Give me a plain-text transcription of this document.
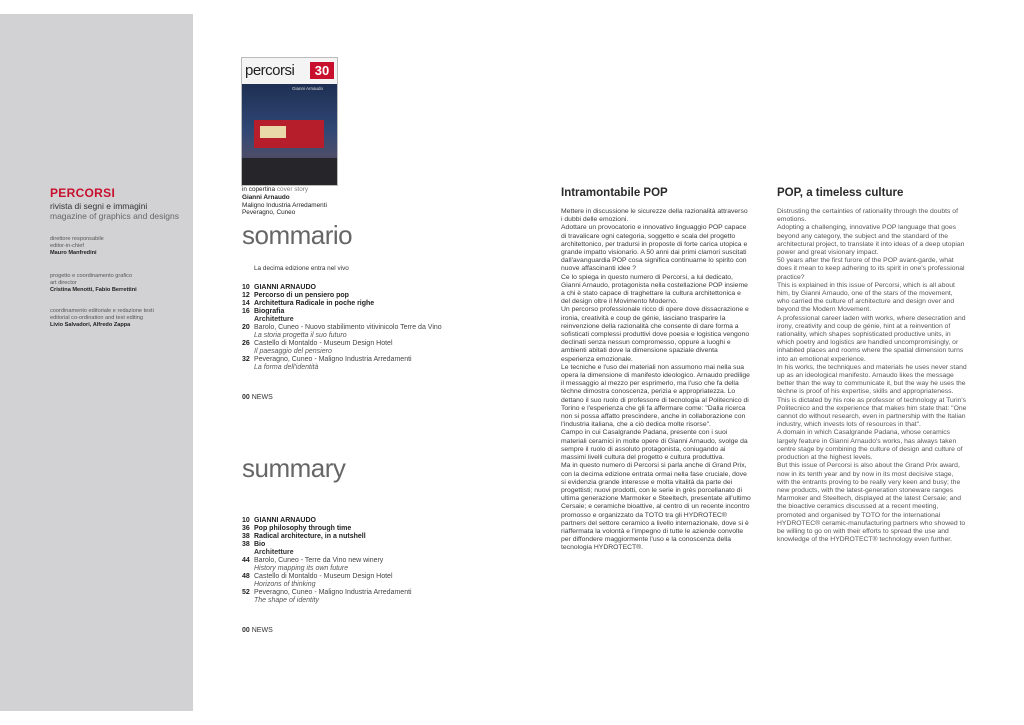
PERCORSI
rivista di segni e immagini
magazine of graphics and designs
direttore responsabile
editor-in-chief
Mauro Manfredini
progetto e coordinamento grafico
art director
Cristina Menotti, Fabio Berrettini
coordinamento editoriale e redazione testi
editorial co-ordination and text editing
Livio Salvadori, Alfredo Zappa
percorsi	30
Gianni Arnaudo
in copertina cover story
Gianni Arnaudo
Maligno Industria Arredamenti
Peveragno, Cuneo
sommario
La decima edizione entra nel vivo
10 GIANNI ARNAUDO
12 Percorso di un pensiero pop
14 Architettura Radicale in poche righe
16 Biografia
Architetture
20 Barolo, Cuneo - Nuovo stabilimento vitivinicolo Terre da Vino
La storia progetta il suo futuro
26 Castello di Montaldo - Museum Design Hotel
Il paesaggio del pensiero
32 Peveragno, Cuneo - Maligno Industria Arredamenti
La forma dell'identità
00 NEWS
summary
10 GIANNI ARNAUDO
36 Pop philosophy through time
38 Radical architecture, in a nutshell
38 Bio
Architetture
44 Barolo, Cuneo - Terre da Vino new winery
History mapping its own future
48 Castello di Montaldo - Museum Design Hotel
Horizons of thinking
52 Peveragno, Cuneo - Maligno Industria Arredamenti
The shape of identity
00 NEWS
Intramontabile POP
Mettere in discussione le sicurezze della razionalità attraverso i dubbi delle emozioni.
Adottare un provocatorio e innovativo linguaggio POP capace di travalicare ogni categoria, soggetto e scala del progetto architettonico, per tradursi in proposte di forte carica utopica e grande impatto visionario. A 50 anni dai primi clamori suscitati dall'avanguardia POP cosa significa continuarne lo spirito con nuove affascinanti idee ?
Ce lo spiega in questo numero di Percorsi, a lui dedicato, Gianni Arnaudo, protagonista nella costellazione POP insieme a chi è stato capace di traghettare la cultura architettonica e del design oltre il Movimento Moderno.
Un percorso professionale ricco di opere dove dissacrazione e ironia, creatività e coup de génie, lasciano trasparire la reinvenzione della razionalità che consente di dare forma a sofisticati complessi produttivi dove poesia e logistica vengono declinati senza nessun compromesso, oppure a luoghi e ambienti abitati dove la dimensione spaziale diventa esperienza emozionale.
Le tecniche e l'uso dei materiali non assumono mai nella sua opera la dimensione di manifesto ideologico. Arnaudo predilige il messaggio al mezzo per esprimerlo, ma l'uso che fa della tèchne dimostra conoscenza, perizia e appropriatezza. Lo dettano il suo ruolo di professore di tecnologia al Politecnico di Torino e l'esperienza che gli fa affermare come: "Dalla ricerca non si possa affatto prescindere, anche in collaborazione con l'industria italiana, che a ciò dedica molte risorse".
Campo in cui Casalgrande Padana, presente con i suoi materiali ceramici in molte opere di Gianni Arnaudo, svolge da sempre il ruolo di assoluto protagonista, coniugando ai massimi livelli cultura del progetto e cultura produttiva.
Ma in questo numero di Percorsi si parla anche di Grand Prix, con la decima edizione entrata ormai nella fase cruciale, dove si evidenzia grande interesse e molta vitalità da parte dei progettisti; nuovi prodotti, con le serie in grès porcellanato di ultima generazione Marmoker e Steeltech, presentate all'ultimo Cersaie; e ceramiche bioattive, al centro di un recente incontro promosso e organizzato da TOTO tra gli HYDROTEC® partners del settore ceramico a livello internazionale, dove si è riaffermata la volontà e l'impegno di tutte le aziende convolte per diffondere maggiormente l'uso e la conoscenza della tecnologia HYDROTECT®.
POP, a timeless culture
Distrusting the certainties of rationality through the doubts of emotions.
Adopting a challenging, innovative POP language that goes beyond any category, the subject and the standard of the architectural project, to translate it into ideas of a deep utopian power and great visionary impact.
50 years after the first furore of the POP avant-garde, what does it mean to keep adhering to its spirit in one's professional practice?
This is explained in this issue of Percorsi, which is all about him, by Gianni Arnaudo, one of the stars of the movement, who carried the culture of architecture and design over and beyond the Modern Movement.
A professional career laden with works, where desecration and irony, creativity and coup de génie, hint at a reinvention of rationality, which shapes sophisticated productive units, in which poetry and logistics are handled uncompromisingly, or inhabited places and rooms where the spatial dimension turns into an emotional experience.
In his works, the techniques and materials he uses never stand up as an ideological manifesto. Arnaudo likes the message better than the way to communicate it, but the way he uses the tèchne is proof of his expertise, skills and appropriateness. This is dictated by his role as professor of technology at Turin's Politecnico and the experience that makes him state that: "One cannot do without research, even in partnership with the Italian industry, which invests lots of resources in that".
A domain in which Casalgrande Padana, whose ceramics largely feature in Gianni Arnaudo's works, has always taken centre stage by combining the culture of design and culture of production at the highest levels.
But this issue of Percorsi is also about the Grand Prix award, now in its tenth year and by now in its most decisive stage, with the entrants proving to be really very keen and busy; the new products, with the latest-generation stoneware ranges Marmoker and Steeltech, displayed at the latest Cersaie; and the bioactive ceramics discussed at a recent meeting, promoted and organised by TOTO for the international HYDROTEC® ceramic-manufacturing partners who showed to be willing to go on with their efforts to spread the use and knowledge of the HYDROTECT® technology even further.
